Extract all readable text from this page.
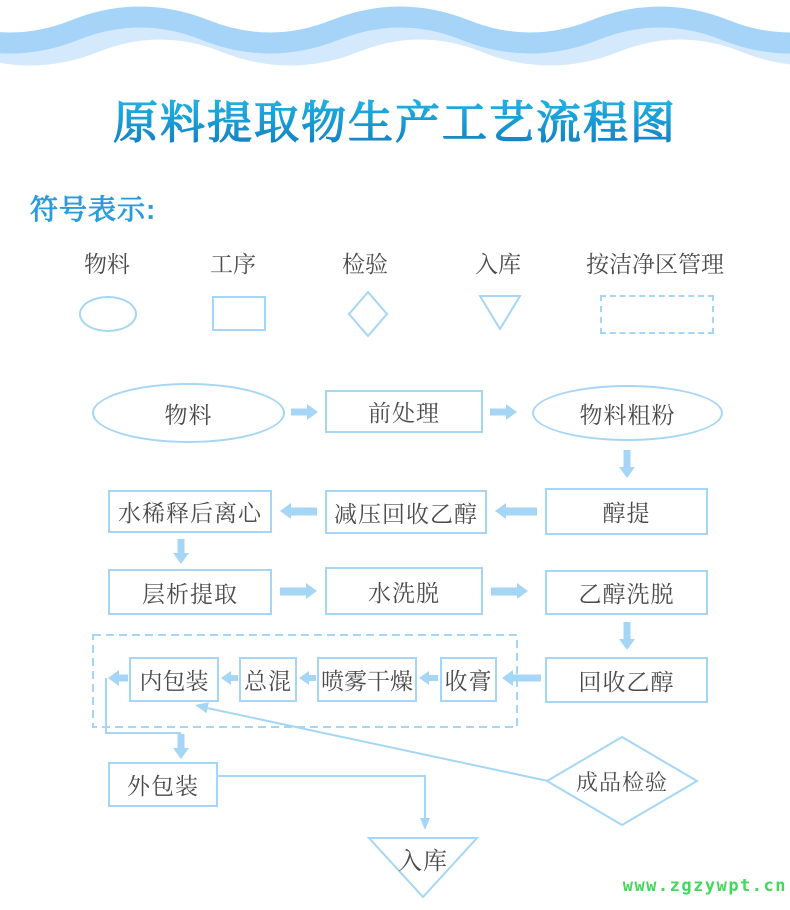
原料提取物生产工艺流程图
符号表示:
物料	工序	检验	入库	按洁净区管理
物料	前处理	物料粗粉
醇提
减压回收乙醇
水稀释后离心
层析提取	水洗脱	乙醇洗脱
回收乙醇
收膏
喷雾干燥
总混
内包装
外包装	成品检验
入库
www.zgzywpt.cn
